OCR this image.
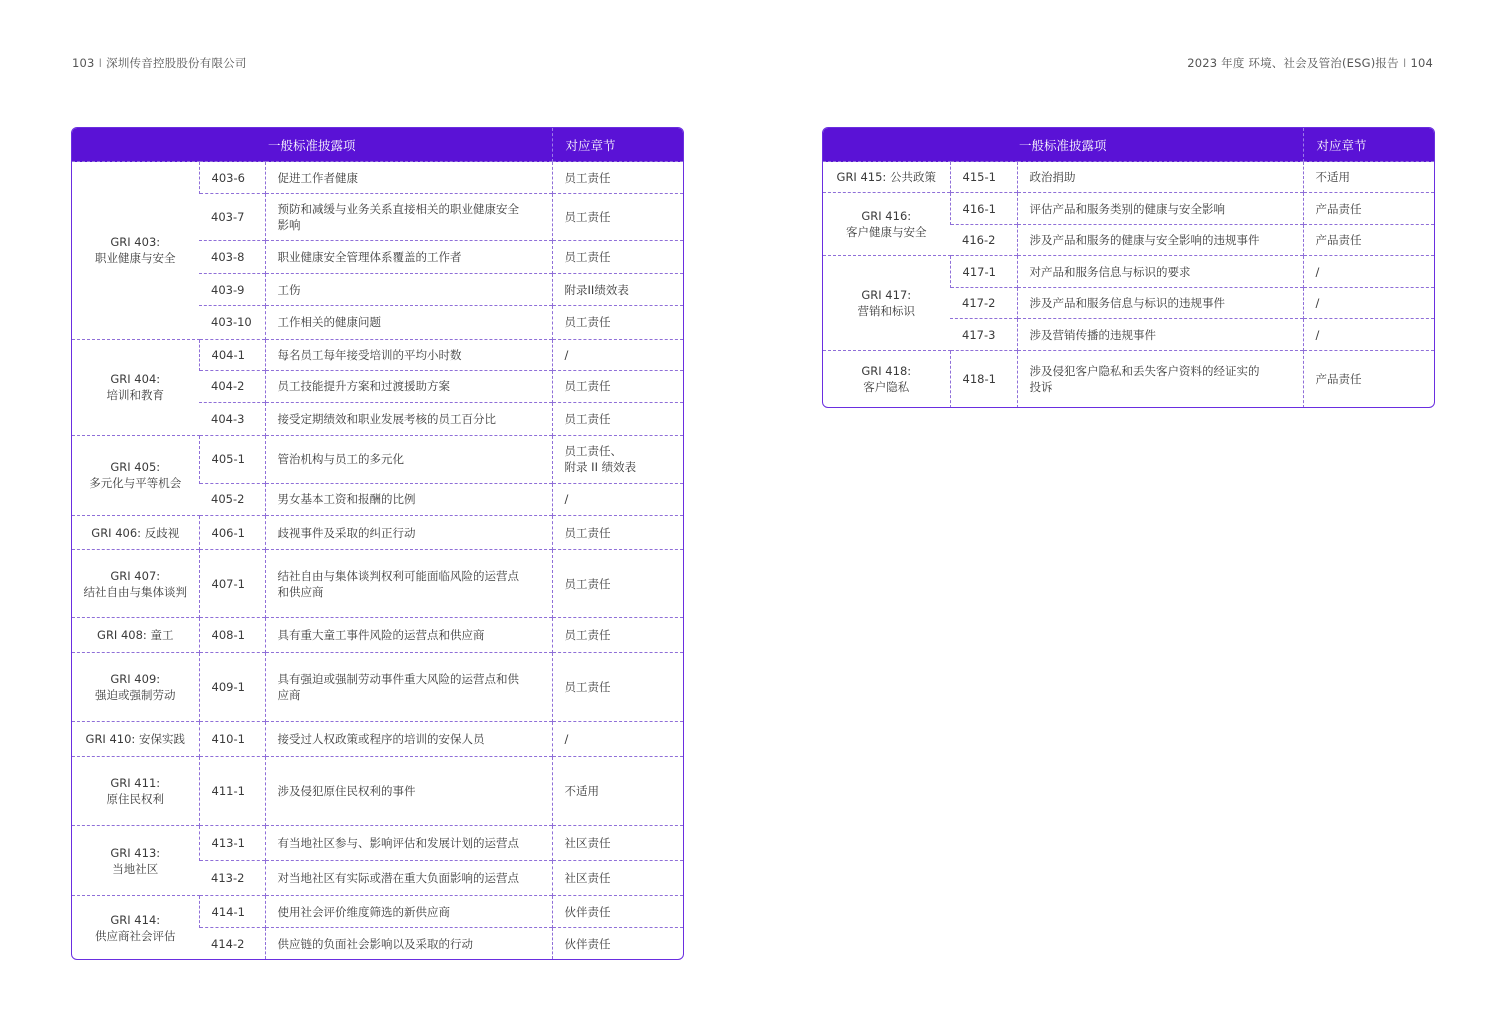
103 I 深圳传音控股股份有限公司	2023 年度 环境、社会及管治(ESG)报告 I 104
一般标准披露项			对应章节

GRI 403:
职业健康与安全	403-6	促进工作者健康	员工责任
	403-7	预防和减缓与业务关系直接相关的职业健康安全
影响	员工责任
	403-8	职业健康安全管理体系覆盖的工作者	员工责任
	403-9	工伤	附录II绩效表
	403-10	工作相关的健康问题	员工责任

GRI 404:
培训和教育	404-1	每名员工每年接受培训的平均小时数	/
	404-2	员工技能提升方案和过渡援助方案	员工责任
	404-3	接受定期绩效和职业发展考核的员工百分比	员工责任

GRI 405:
多元化与平等机会	405-1	管治机构与员工的多元化	员工责任、
附录 II 绩效表
	405-2	男女基本工资和报酬的比例	/

GRI 406: 反歧视	406-1	歧视事件及采取的纠正行动	员工责任

GRI 407:
结社自由与集体谈判	407-1	结社自由与集体谈判权利可能面临风险的运营点
和供应商	员工责任

GRI 408: 童工	408-1	具有重大童工事件风险的运营点和供应商	员工责任

GRI 409:
强迫或强制劳动	409-1	具有强迫或强制劳动事件重大风险的运营点和供
应商	员工责任

GRI 410: 安保实践	410-1	接受过人权政策或程序的培训的安保人员	/

GRI 411:
原住民权利	411-1	涉及侵犯原住民权利的事件	不适用

GRI 413:
当地社区	413-1	有当地社区参与、影响评估和发展计划的运营点	社区责任
	413-2	对当地社区有实际或潜在重大负面影响的运营点	社区责任

GRI 414:
供应商社会评估	414-1	使用社会评价维度筛选的新供应商	伙伴责任
	414-2	供应链的负面社会影响以及采取的行动	伙伴责任
一般标准披露项			对应章节

GRI 415: 公共政策	415-1	政治捐助	不适用

GRI 416:
客户健康与安全	416-1	评估产品和服务类别的健康与安全影响	产品责任
	416-2	涉及产品和服务的健康与安全影响的违规事件	产品责任

GRI 417:
营销和标识	417-1	对产品和服务信息与标识的要求	/
	417-2	涉及产品和服务信息与标识的违规事件	/
	417-3	涉及营销传播的违规事件	/

GRI 418:
客户隐私	418-1	涉及侵犯客户隐私和丢失客户资料的经证实的
投诉	产品责任
